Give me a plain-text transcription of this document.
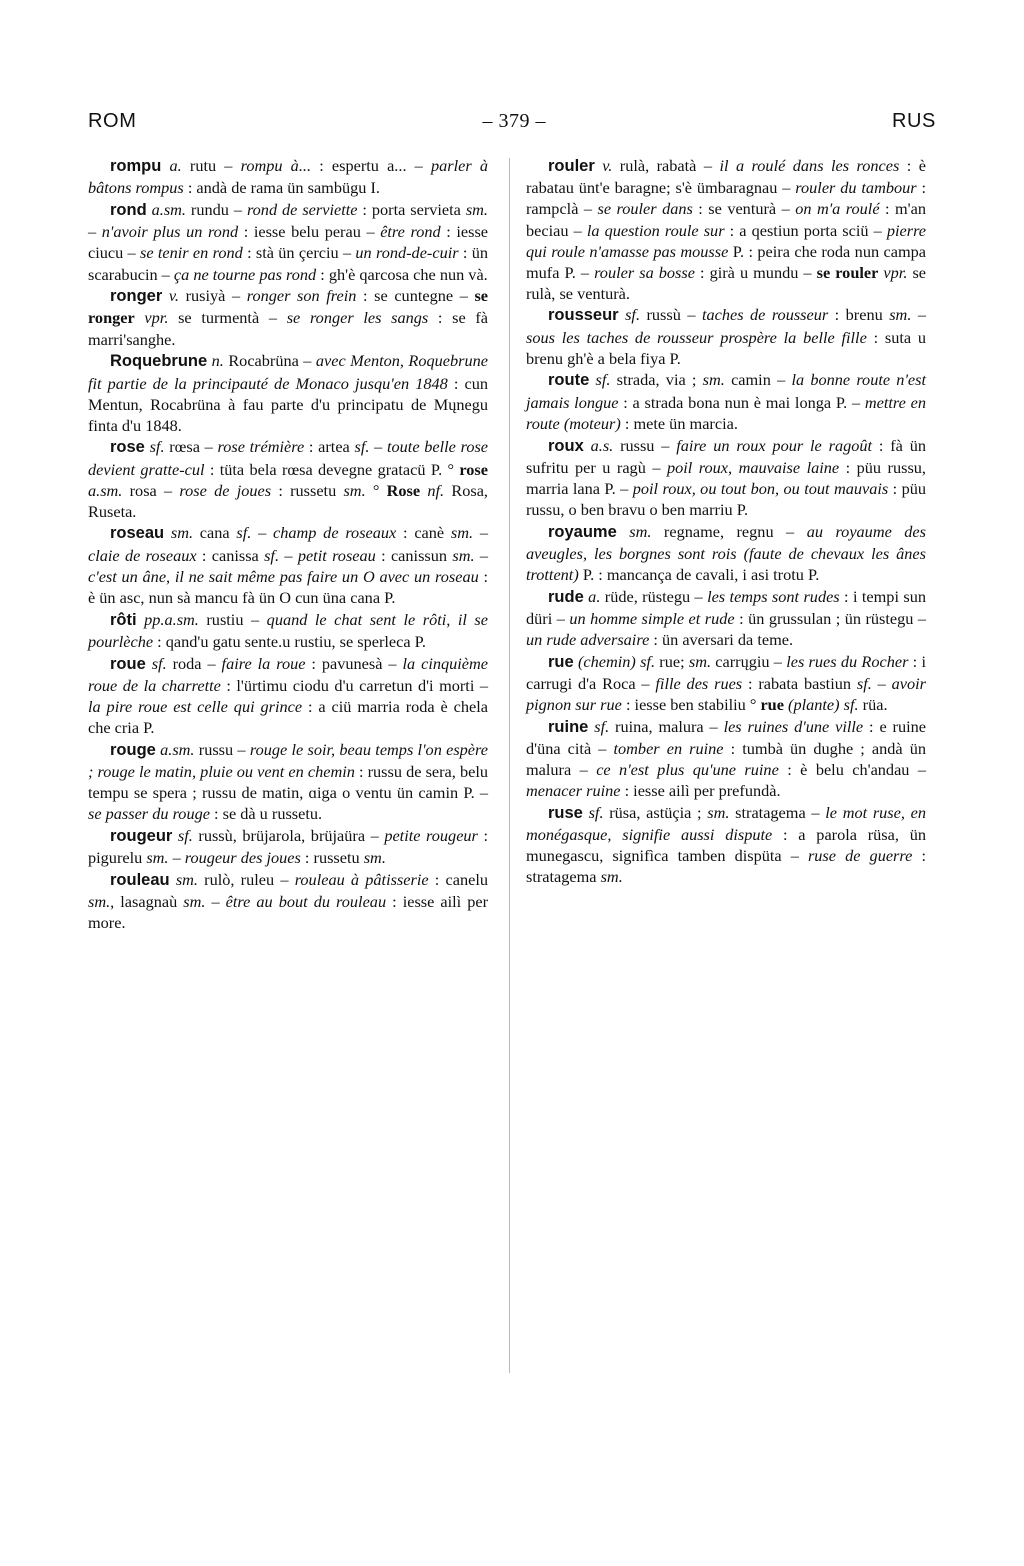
ROM	– 379 –	RUS

rompu a. rutu – rompu à... : espertu a... – parler à bâtons rompus : andà de rama ün sambügu I.

rond a.sm. rundu – rond de serviette : porta servieta sm. – n'avoir plus un rond : iesse belu perau – être rond : iesse ciucu – se tenir en rond : stà ün çerciu – un rond-de-cuir : ün scarabucin – ça ne tourne pas rond : gh'è qarcosa che nun và.

ronger v. rusiyà – ronger son frein : se cuntegne – se ronger vpr. se turmentà – se ronger les sangs : se fà marri'sanghe.

Roquebrune n. Rocabrüna – avec Menton, Roquebrune fit partie de la principauté de Monaco jusqu'en 1848 : cun Mentun, Rocabrüna à fau parte d'u principatu de Mųnegu finta d'u 1848.

rose sf. rœsa – rose trémière : artea sf. – toute belle rose devient gratte-cul : tüta bela rœsa devegne gratacü P. ° rose a.sm. rosa – rose de joues : russetu sm. ° Rose nf. Rosa, Ruseta.

roseau sm. cana sf. – champ de roseaux : canè sm. – claie de roseaux : canissa sf. – petit roseau : canissun sm. – c'est un âne, il ne sait même pas faire un O avec un roseau : è ün asc, nun sà mancu fà ün O cun üna cana P.

rôti pp.a.sm. rustiu – quand le chat sent le rôti, il se pourlèche : qand'u gatu sente.u rustiu, se sperleca P.

roue sf. roda – faire la roue : pavunesà – la cinquième roue de la charrette : l'ürtimu ciodu d'u carretun d'i morti – la pire roue est celle qui grince : a ciü marria roda è chela che cria P.

rouge a.sm. russu – rouge le soir, beau temps l'on espère ; rouge le matin, pluie ou vent en chemin : russu de sera, belu tempu se spera ; russu de matin, ɑiga o ventu ün camin P. – se passer du rouge : se dà u russetu.

rougeur sf. russù, brüjarola, brüjaüra – petite rougeur : pigurelu sm. – rougeur des joues : russetu sm.

rouleau sm. rulò, ruleu – rouleau à pâtisserie : canelu sm., lasagnaù sm. – être au bout du rouleau : iesse ailì per more.

rouler v. rulà, rabatà – il a roulé dans les ronces : è rabatau ünt'e baragne; s'è ümbaragnau – rouler du tambour : rampclà – se rouler dans : se venturà – on m'a roulé : m'an beciau – la question roule sur : a qestiun porta sciü – pierre qui roule n'amasse pas mousse P. : peira che roda nun campa mufa P. – rouler sa bosse : girà u mundu – se rouler vpr. se rulà, se venturà.

rousseur sf. russù – taches de rousseur : brenu sm. – sous les taches de rousseur prospère la belle fille : suta u brenu gh'è a bela fiya P.

route sf. strada, via ; sm. camin – la bonne route n'est jamais longue : a strada bona nun è mai longa P. – mettre en route (moteur) : mete ün marcia.

roux a.s. russu – faire un roux pour le ragoût : fà ün sufritu per u ragù – poil roux, mauvaise laine : püu russu, marria lana P. – poil roux, ou tout bon, ou tout mauvais : püu russu, o ben bravu o ben marriu P.

royaume sm. regname, regnu – au royaume des aveugles, les borgnes sont rois (faute de chevaux les ânes trottent) P. : mancança de cavali, i asi trotu P.

rude a. rüde, rüstegu – les temps sont rudes : i tempi sun düri – un homme simple et rude : ün grussulan ; ün rüstegu – un rude adversaire : ün aversari da teme.

rue (chemin) sf. rue; sm. carrųgiu – les rues du Rocher : i carrugi d'a Roca – fille des rues : rabata bastiun sf. – avoir pignon sur rue : iesse ben stabiliu ° rue (plante) sf. rüa.

ruine sf. ruina, malura – les ruines d'une ville : e ruine d'üna cità – tomber en ruine : tumbà ün dughe ; andà ün malura – ce n'est plus qu'une ruine : è belu ch'andau – menacer ruine : iesse ailì per prefundà.

ruse sf. rüsa, astüçia ; sm. stratagema – le mot ruse, en monégasque, signifie aussi dispute : a parola rüsa, ün munegascu, signifìca tamben dispüta – ruse de guerre : stratagema sm.
